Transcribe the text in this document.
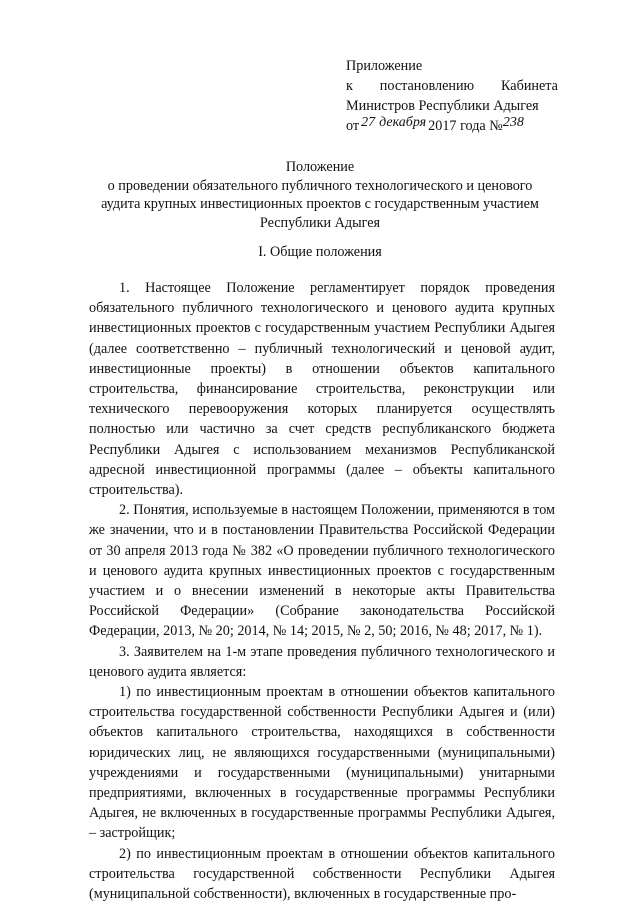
Приложение
к постановлению Кабинета
Министров Республики Адыгея
от 27 декабря 2017 года №238
Положение
о проведении обязательного публичного технологического и ценового
аудита крупных инвестиционных проектов с государственным участием
Республики Адыгея
I. Общие положения

1. Настоящее Положение регламентирует порядок проведения обязательного публичного технологического и ценового аудита крупных инвестиционных проектов с государственным участием Республики Адыгея (далее соответственно – публичный технологический и ценовой аудит, инвестиционные проекты) в отношении объектов капитального строительства, финансирование строительства, реконструкции или технического перевооружения которых планируется осуществлять полностью или частично за счет средств республиканского бюджета Республики Адыгея с использованием механизмов Республиканской адресной инвестиционной программы (далее – объекты капитального строительства).

2. Понятия, используемые в настоящем Положении, применяются в том же значении, что и в постановлении Правительства Российской Федерации от 30 апреля 2013 года № 382 «О проведении публичного технологического и ценового аудита крупных инвестиционных проектов с государственным участием и о внесении изменений в некоторые акты Правительства Российской Федерации» (Собрание законодательства Российской Федерации, 2013, № 20; 2014, № 14; 2015, № 2, 50; 2016, № 48; 2017, № 1).

3. Заявителем на 1-м этапе проведения публичного технологического и ценового аудита является:

1) по инвестиционным проектам в отношении объектов капитального строительства государственной собственности Республики Адыгея и (или) объектов капитального строительства, находящихся в собственности юридических лиц, не являющихся государственными (муниципальными) учреждениями и государственными (муниципальными) унитарными предприятиями, включенных в государственные программы Республики Адыгея, не включенных в государственные программы Республики Адыгея, – застройщик;

2) по инвестиционным проектам в отношении объектов капитального строительства государственной собственности Республики Адыгея (муниципальной собственности), включенных в государственные про-
